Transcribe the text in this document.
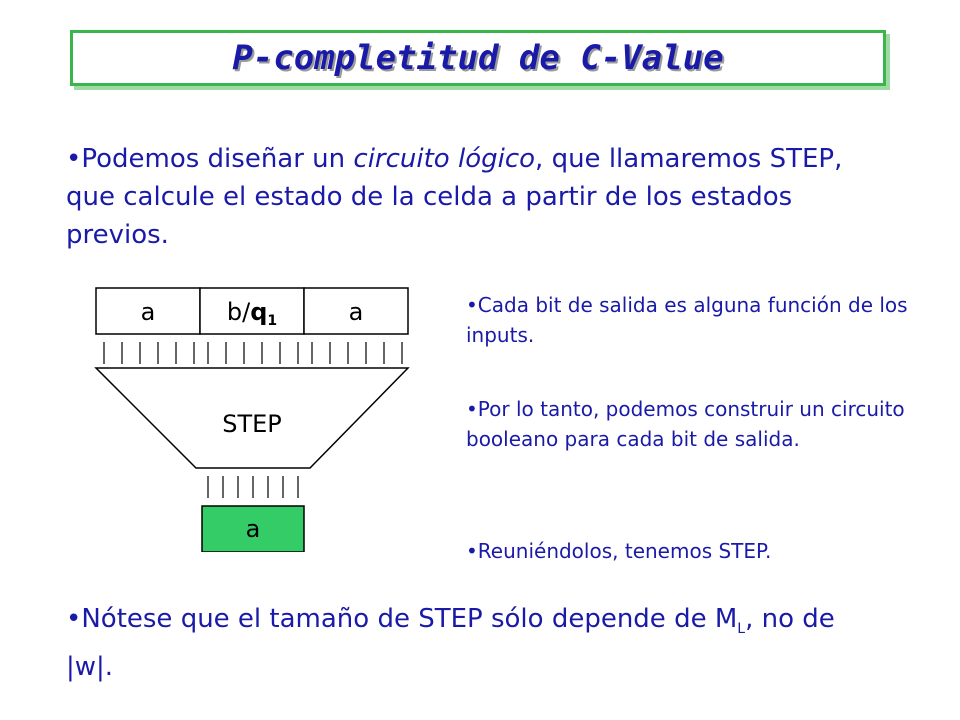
P-completitud de C-Value
•Podemos diseñar un circuito lógico, que llamaremos STEP, que calcule el estado de la celda a partir de los estados previos.
a	$b/q_1$	a
STEP
a
•Cada bit de salida es alguna función de los inputs.
•Por lo tanto, podemos construir un circuito booleano para cada bit de salida.
•Reuniéndolos, tenemos STEP.
•Nótese que el tamaño de STEP sólo depende de $M_L$, no de |w|.
